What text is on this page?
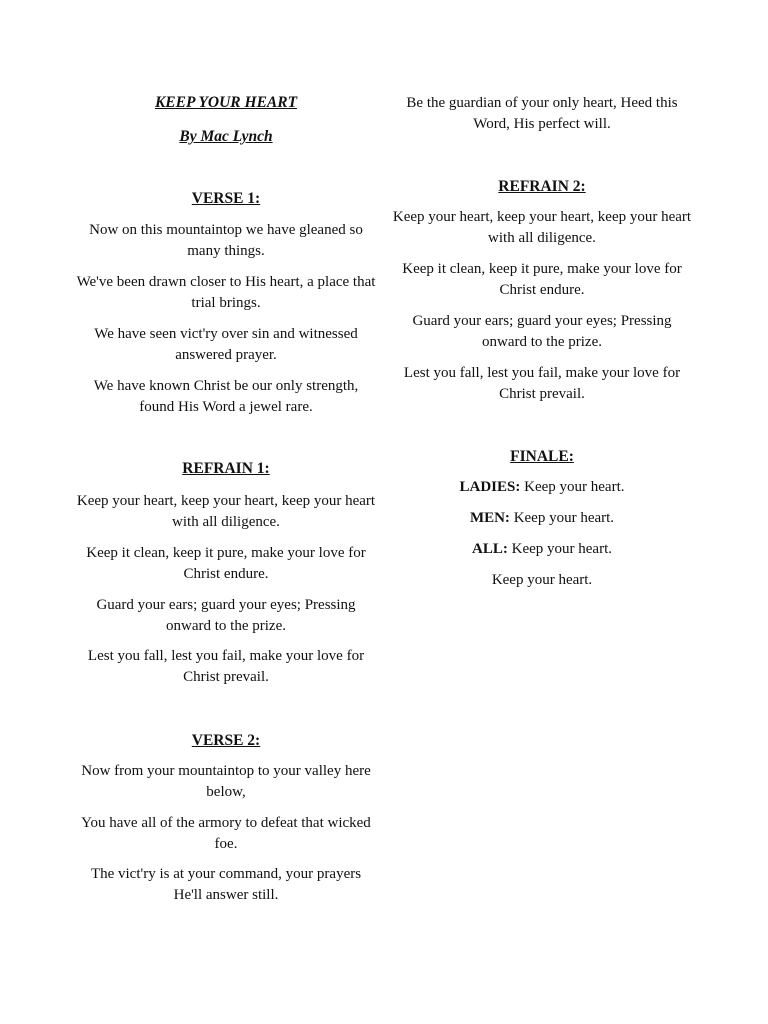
KEEP YOUR HEART

By Mac Lynch

VERSE 1:

Now on this mountaintop we have gleaned so many things.

We've been drawn closer to His heart, a place that trial brings.

We have seen vict'ry over sin and witnessed answered prayer.

We have known Christ be our only strength, found His Word a jewel rare.

REFRAIN 1:

Keep your heart, keep your heart, keep your heart with all diligence.

Keep it clean, keep it pure, make your love for Christ endure.

Guard your ears; guard your eyes; Pressing onward to the prize.

Lest you fall, lest you fail, make your love for Christ prevail.

VERSE 2:

Now from your mountaintop to your valley here below,

You have all of the armory to defeat that wicked foe.

The vict'ry is at your command, your prayers He'll answer still.

Be the guardian of your only heart, Heed this Word, His perfect will.

REFRAIN 2:

Keep your heart, keep your heart, keep your heart with all diligence.

Keep it clean, keep it pure, make your love for Christ endure.

Guard your ears; guard your eyes; Pressing onward to the prize.

Lest you fall, lest you fail, make your love for Christ prevail.

FINALE:

LADIES: Keep your heart.

MEN: Keep your heart.

ALL: Keep your heart.

Keep your heart.
